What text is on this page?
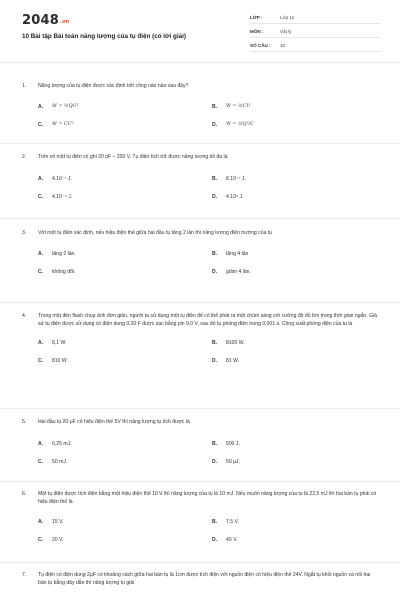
2048.vn
10 Bài tập Bài toán năng lượng của tụ điện (có lời giải)
LỚP :	Lớp 11
MÔN :	Vật lý
SỐ CÂU :	10
1.	Năng lượng của tụ điện được xác định bởi công nào nào sau đây?
A.	W = ½QU²	B.	W = ½CU
C.	W = CU²	D.	W = ½Q²/C
2.	Trên vỏ một tụ điện có ghi 20 pF – 200 V. Tụ điện tích trữ được năng lượng tối đa là
A.	4.10⁻⁷ J.	B.	8.10⁻⁷ J.
C.	4.10⁻⁴ J.	D.	4.10⁵ J.
3.	Với một tụ điện xác định, nếu hiệu điện thế giữa hai đầu tụ tăng 2 lần thì năng lượng điện trường của tụ
A.	tăng 2 lần.	B.	tăng 4 lần
C.	không đổi.	D.	giảm 4 lần.
4.	Trong một đèn flash chụp ảnh đơn giản, người ta sử dụng một tụ điện để có thể phát ra một chùm sáng với cường độ đủ lớn trong thời gian ngắn. Giả sử tụ điện được sử dụng có điện dung 0,20 F được sạc bằng pin 9,0 V, sau đó tụ phóng điện trong 0,001 s. Công suất phóng điện của tụ là
A.	8,1 W.	B.	8100 W.
C.	810 W.	D.	81 W.
5.	Hai đầu tụ 20 µF có hiệu điện thế 5V thì năng lượng tụ tích được là
A.	0,25 mJ.	B.	500 J.
C.	50 mJ.	D.	50 µJ.
6.	Một tụ điện được tích điện bằng một hiệu điện thế 10 V thì năng lượng của tụ là 10 mJ. Nếu muốn năng lượng của tụ là 22,5 mJ thì hai bản tụ phải có hiệu điện thế là
A.	15 V.	B.	7,5 V.
C.	20 V.	D.	40 V.
7.	Tụ điện có điện dung 2µF có khoảng cách giữa hai bản tụ là 1cm được tích điện với nguồn điện có hiệu điện thế 24V. Ngắt tụ khỏi nguồn và nối hai bản tụ bằng dây dẫn thì năng lượng tụ giải
